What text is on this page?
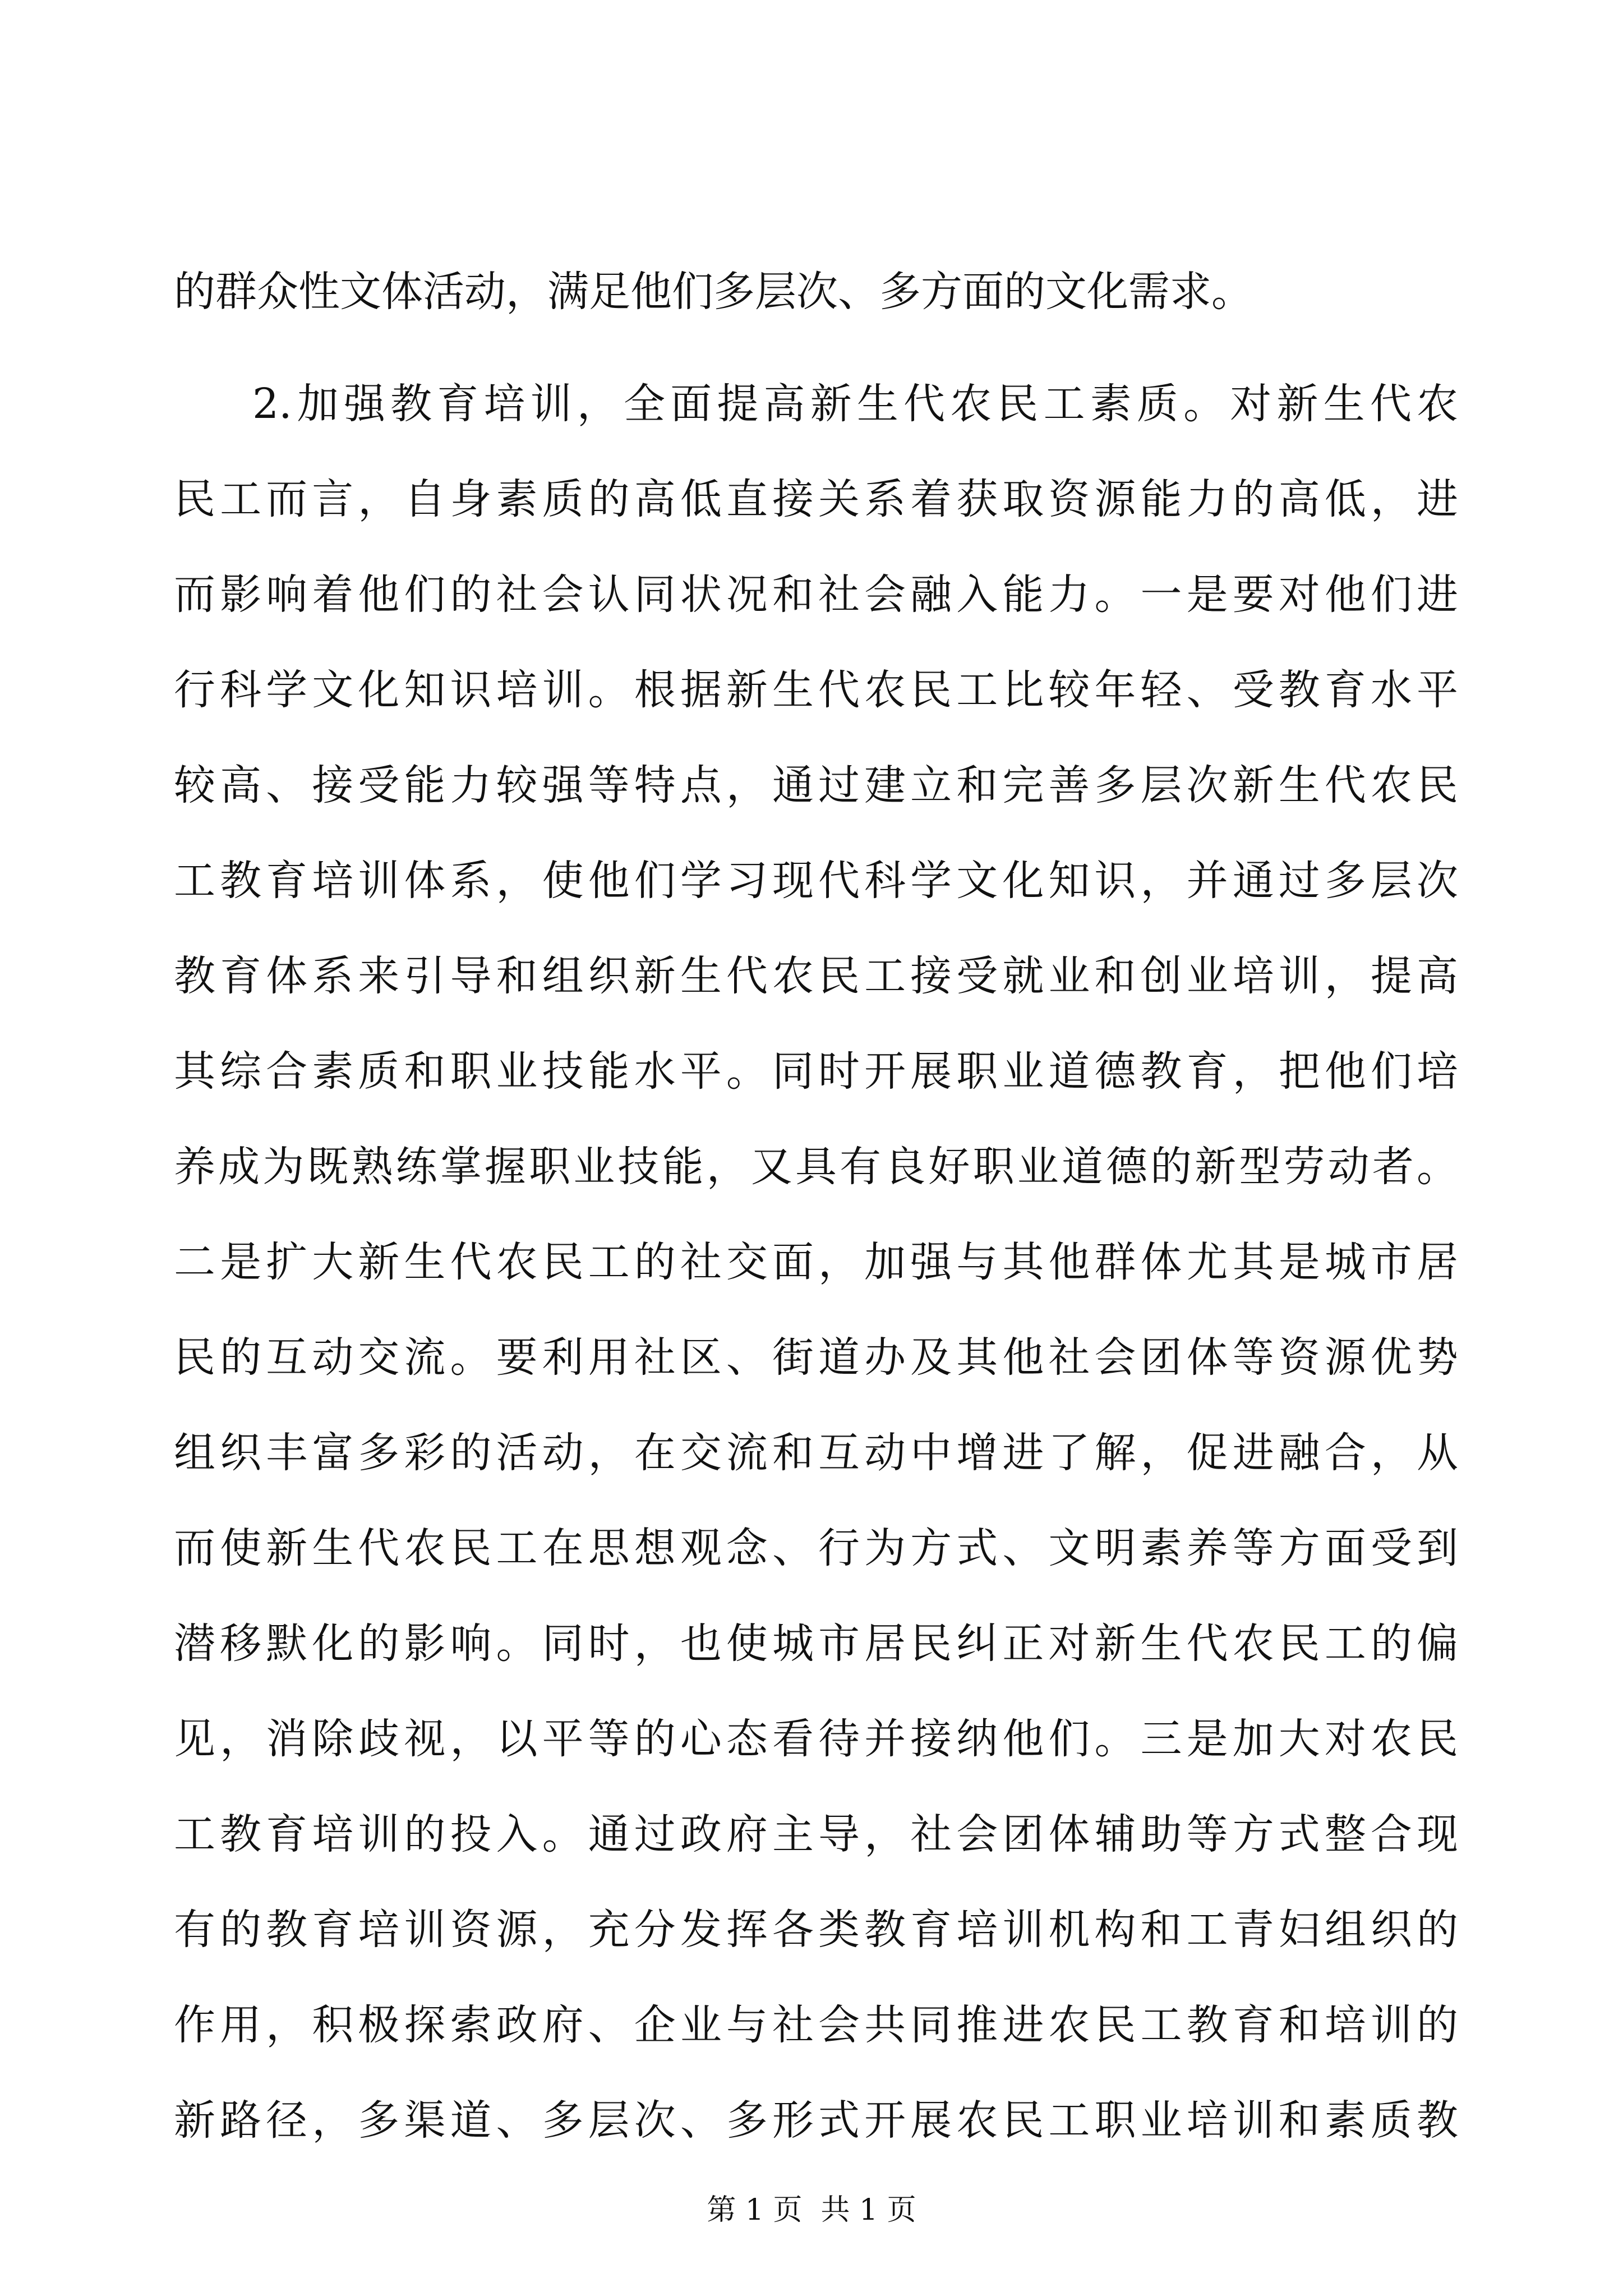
的群众性文体活动，满足他们多层次、多方面的文化需求。
2.加强教育培训，全面提高新生代农民工素质。对新生代农
民工而言，自身素质的高低直接关系着获取资源能力的高低，进
而影响着他们的社会认同状况和社会融入能力。一是要对他们进
行科学文化知识培训。根据新生代农民工比较年轻、受教育水平
较高、接受能力较强等特点，通过建立和完善多层次新生代农民
工教育培训体系，使他们学习现代科学文化知识，并通过多层次
教育体系来引导和组织新生代农民工接受就业和创业培训，提高
其综合素质和职业技能水平。同时开展职业道德教育，把他们培
养成为既熟练掌握职业技能，又具有良好职业道德的新型劳动者。
二是扩大新生代农民工的社交面，加强与其他群体尤其是城市居
民的互动交流。要利用社区、街道办及其他社会团体等资源优势
组织丰富多彩的活动，在交流和互动中增进了解，促进融合，从
而使新生代农民工在思想观念、行为方式、文明素养等方面受到
潜移默化的影响。同时，也使城市居民纠正对新生代农民工的偏
见，消除歧视，以平等的心态看待并接纳他们。三是加大对农民
工教育培训的投入。通过政府主导，社会团体辅助等方式整合现
有的教育培训资源，充分发挥各类教育培训机构和工青妇组织的
作用，积极探索政府、企业与社会共同推进农民工教育和培训的
新路径，多渠道、多层次、多形式开展农民工职业培训和素质教
第 1 页  共 1 页
